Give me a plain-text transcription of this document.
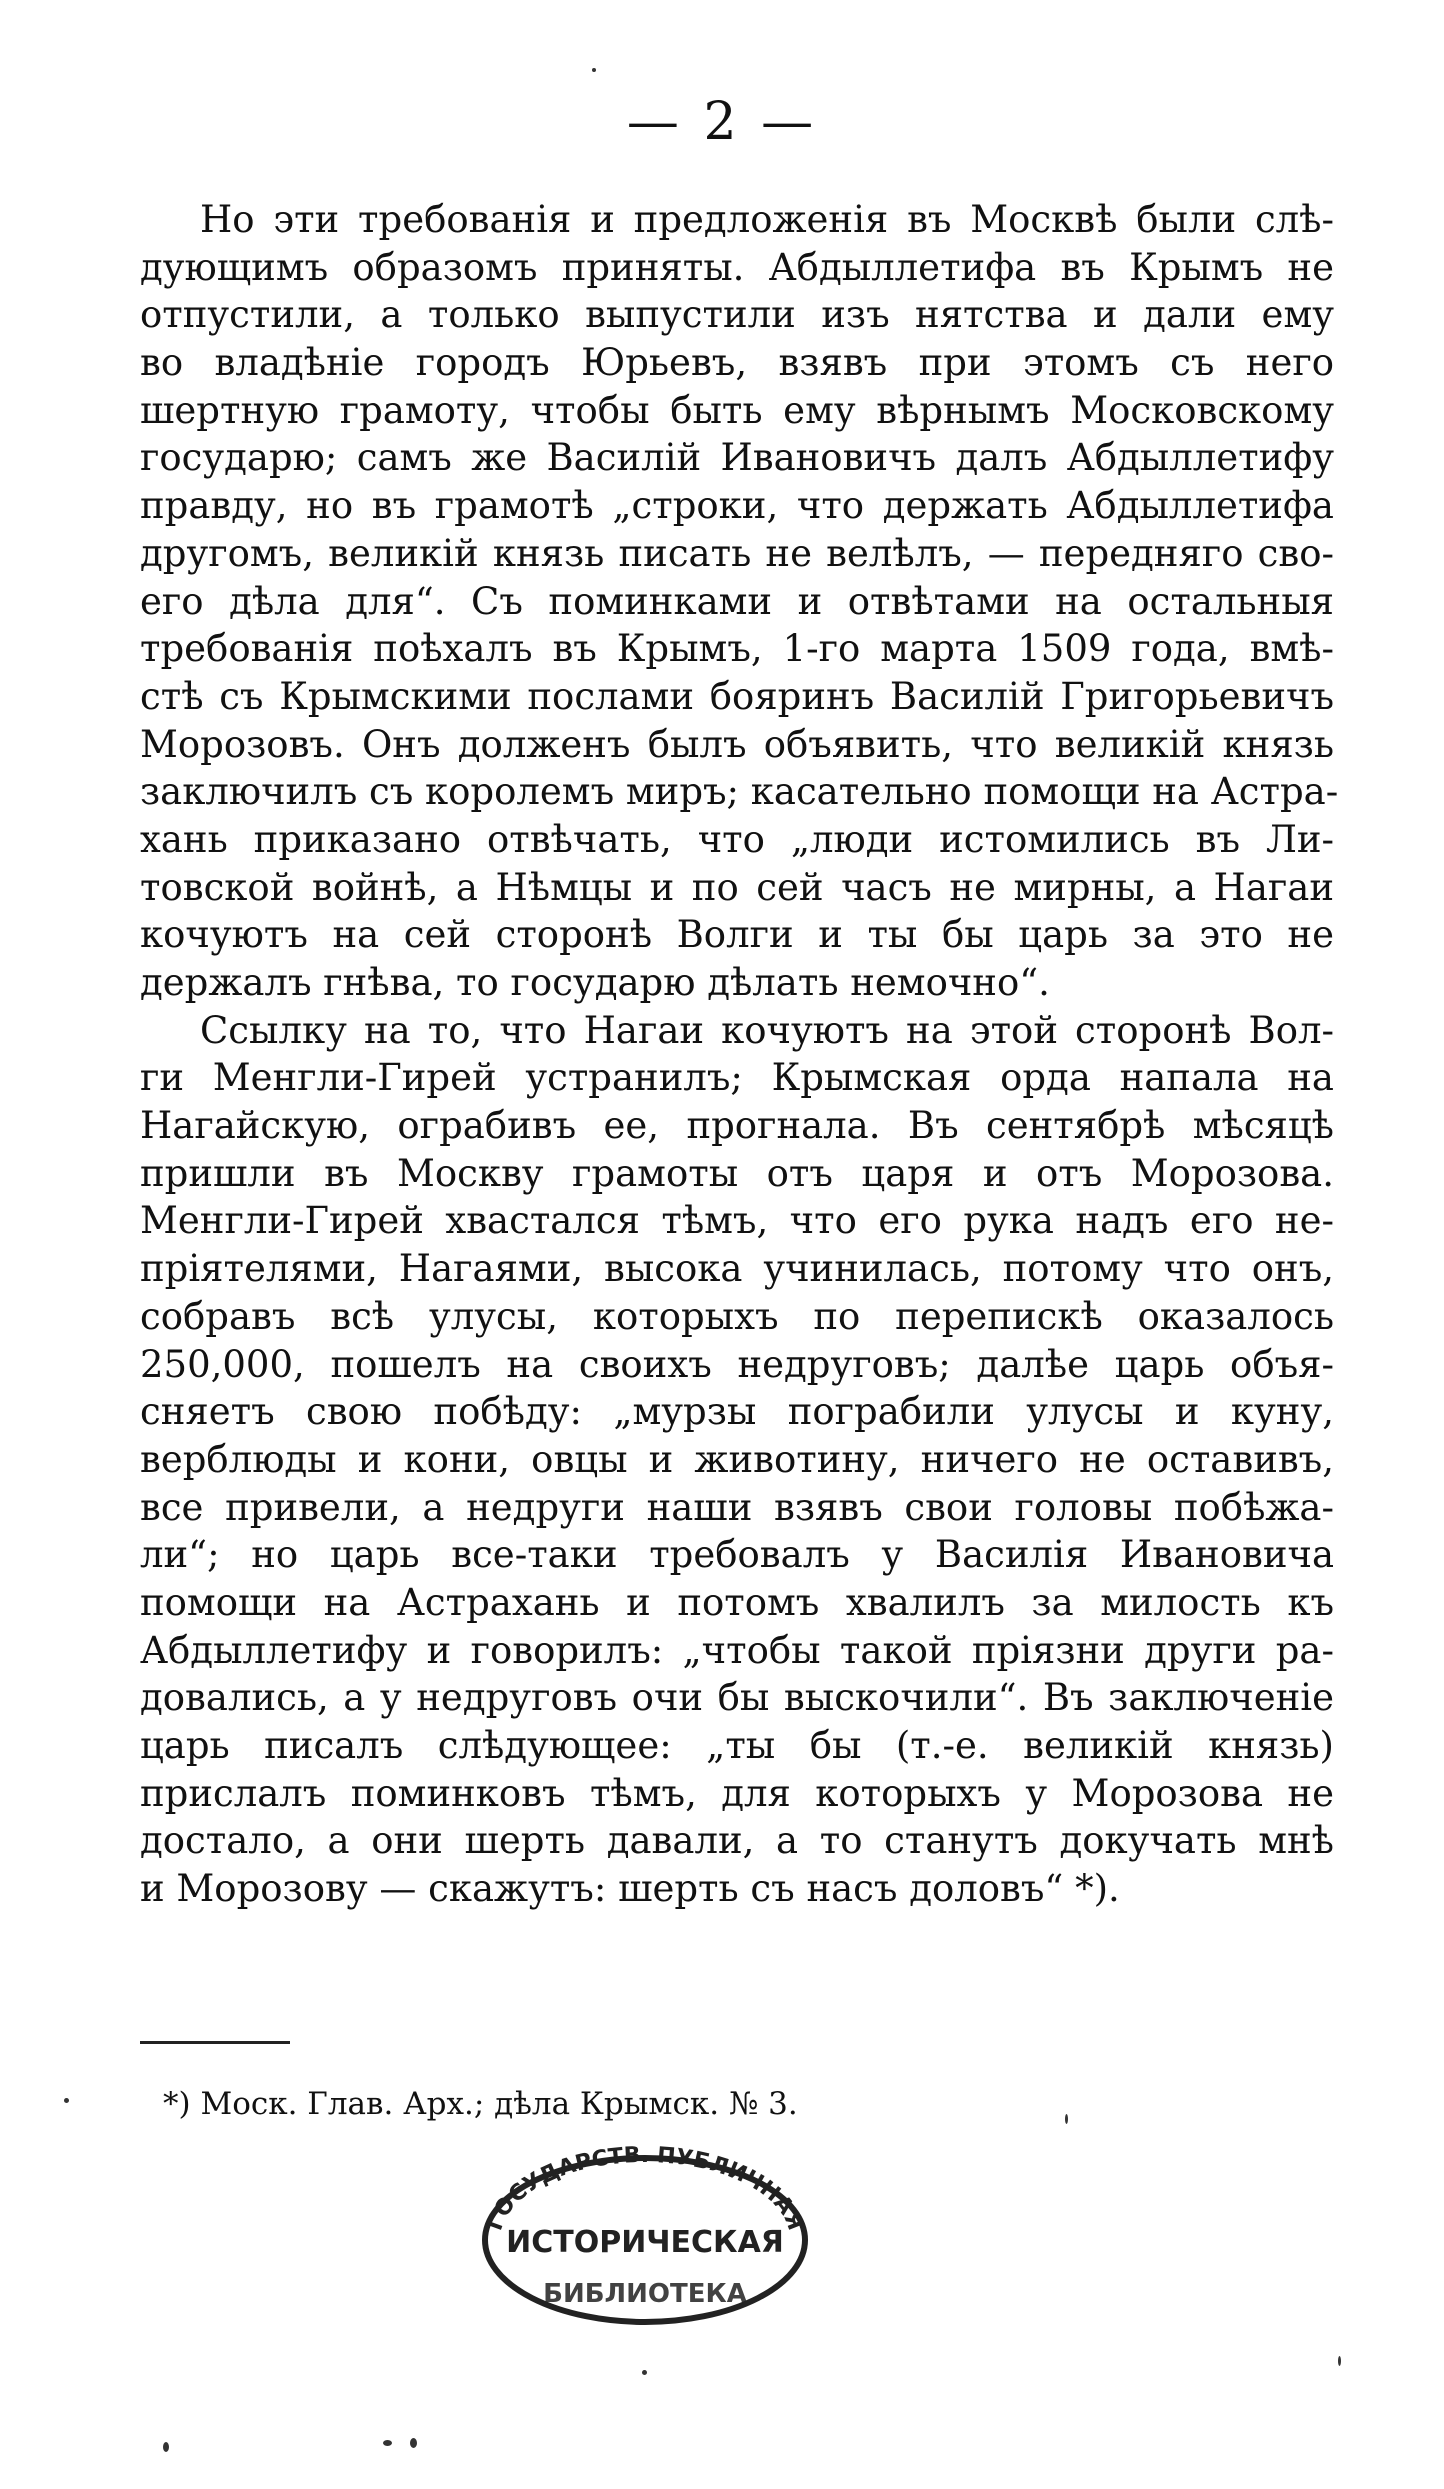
— 2 —
Но эти требованія и предложенія въ Москвѣ были слѣ-
дующимъ образомъ приняты. Абдыллетифа въ Крымъ не
отпустили, а только выпустили изъ нятства и дали ему
во владѣніе городъ Юрьевъ, взявъ при этомъ съ него
шертную грамоту, чтобы быть ему вѣрнымъ Московскому
государю; самъ же Василій Ивановичъ далъ Абдыллетифу
правду, но въ грамотѣ „строки, что держать Абдыллетифа
другомъ, великій князь писать не велѣлъ, — передняго сво-
его дѣла для“. Съ поминками и отвѣтами на остальныя
требованія поѣхалъ въ Крымъ, 1-го марта 1509 года, вмѣ-
стѣ съ Крымскими послами бояринъ Василій Григорьевичъ
Морозовъ. Онъ долженъ былъ объявить, что великій князь
заключилъ съ королемъ миръ; касательно помощи на Астра-
хань приказано отвѣчать, что „люди истомились въ Ли-
товской войнѣ, а Нѣмцы и по сей часъ не мирны, а Нагаи
кочуютъ на сей сторонѣ Волги и ты бы царь за это не
держалъ гнѣва, то государю дѣлать немочно“.
Ссылку на то, что Нагаи кочуютъ на этой сторонѣ Вол-
ги Менгли-Гирей устранилъ; Крымская орда напала на
Нагайскую, ограбивъ ее, прогнала. Въ сентябрѣ мѣсяцѣ
пришли въ Москву грамоты отъ царя и отъ Морозова.
Менгли-Гирей хвастался тѣмъ, что его рука надъ его не-
пріятелями, Нагаями, высока учинилась, потому что онъ,
собравъ всѣ улусы, которыхъ по перепискѣ оказалось
250,000, пошелъ на своихъ недруговъ; далѣе царь объя-
сняетъ свою побѣду: „мурзы пограбили улусы и куну,
верблюды и кони, овцы и животину, ничего не оставивъ,
все привели, а недруги наши взявъ свои головы побѣжа-
ли“; но царь все-таки требовалъ у Василія Ивановича
помощи на Астрахань и потомъ хвалилъ за милость къ
Абдыллетифу и говорилъ: „чтобы такой пріязни други ра-
довались, а у недруговъ очи бы выскочили“. Въ заключеніе
царь писалъ слѣдующее: „ты бы (т.-е. великій князь)
прислалъ поминковъ тѣмъ, для которыхъ у Морозова не
достало, а они шерть давали, а то станутъ докучать мнѣ
и Морозову — скажутъ: шерть съ насъ доловъ“ *).
*) Моск. Глав. Арх.; дѣла Крымск. № 3.
ГОСУДАРСТВ. ПУБЛИЧНАЯ
ИСТОРИЧЕСКАЯ
БИБЛИОТЕКА
